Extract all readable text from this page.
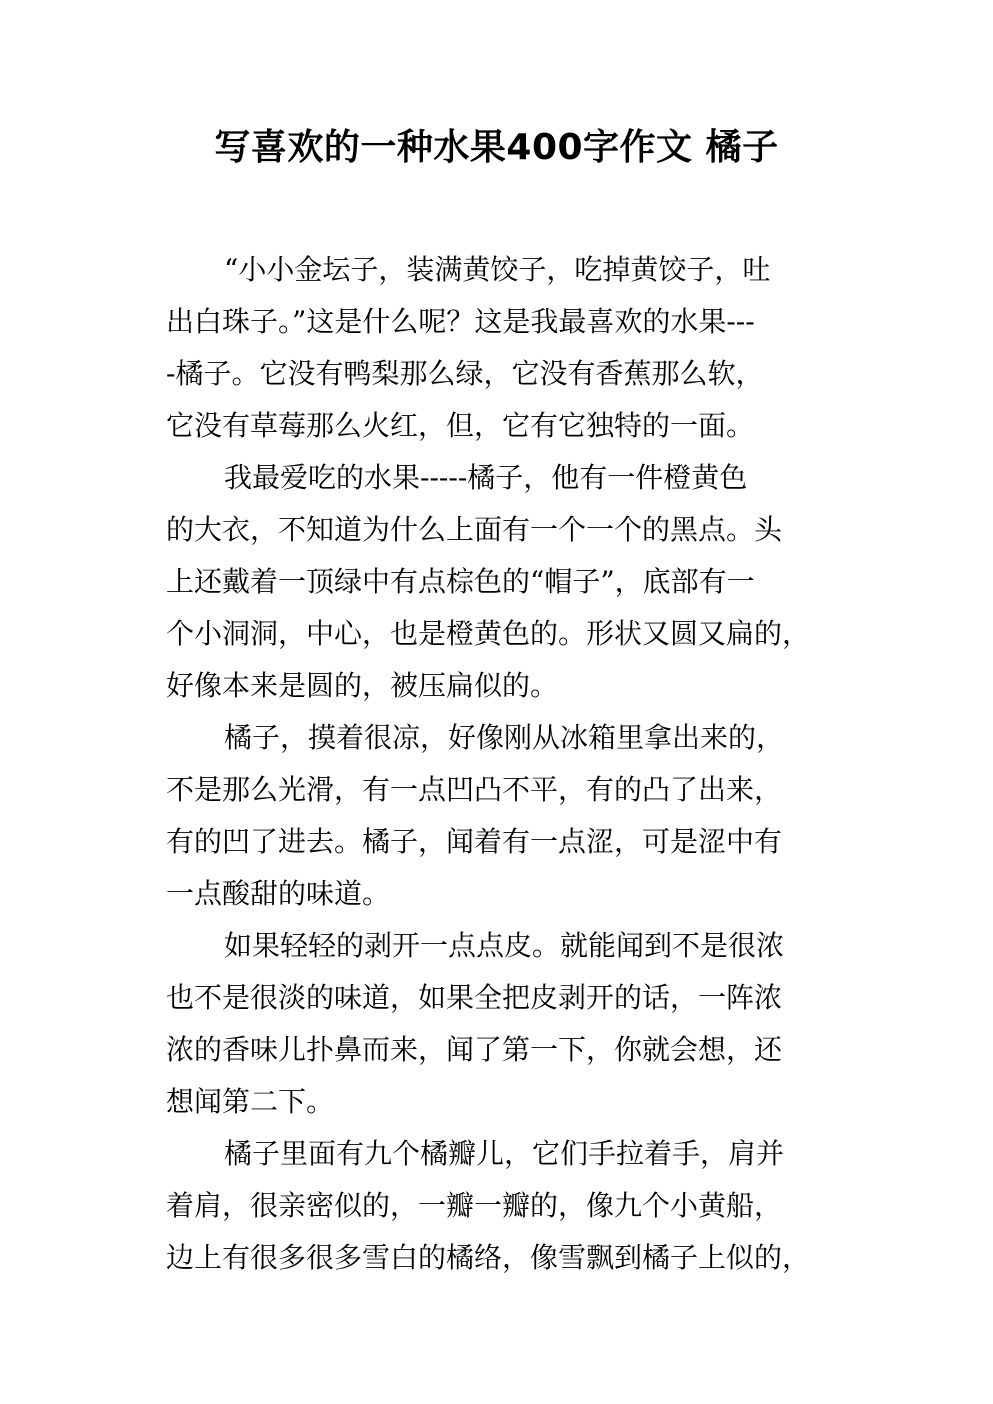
写喜欢的一种水果400字作文 橘子
“小小金坛子，装满黄饺子，吃掉黄饺子，吐
出白珠子。”这是什么呢？这是我最喜欢的水果---
-橘子。它没有鸭梨那么绿，它没有香蕉那么软，
它没有草莓那么火红，但，它有它独特的一面。
我最爱吃的水果-----橘子，他有一件橙黄色
的大衣，不知道为什么上面有一个一个的黑点。头
上还戴着一顶绿中有点棕色的“帽子”，底部有一
个小洞洞，中心，也是橙黄色的。形状又圆又扁的，
好像本来是圆的，被压扁似的。
橘子，摸着很凉，好像刚从冰箱里拿出来的，
不是那么光滑，有一点凹凸不平，有的凸了出来，
有的凹了进去。橘子，闻着有一点涩，可是涩中有
一点酸甜的味道。
如果轻轻的剥开一点点皮。就能闻到不是很浓
也不是很淡的味道，如果全把皮剥开的话，一阵浓
浓的香味儿扑鼻而来，闻了第一下，你就会想，还
想闻第二下。
橘子里面有九个橘瓣儿，它们手拉着手，肩并
着肩，很亲密似的，一瓣一瓣的，像九个小黄船，
边上有很多很多雪白的橘络，像雪飘到橘子上似的，
